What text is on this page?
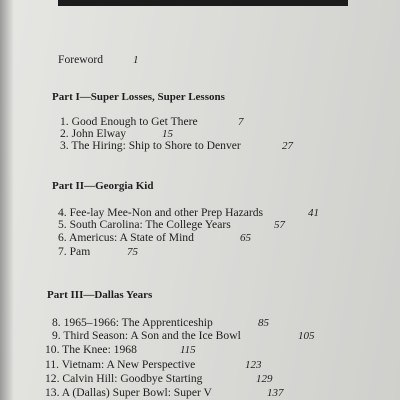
Foreword	1
Part I—Super Losses, Super Lessons
1. Good Enough to Get There	7
2. John Elway	15
3. The Hiring: Ship to Shore to Denver	27
Part II—Georgia Kid
4. Fee-lay Mee-Non and other Prep Hazards	41
5. South Carolina: The College Years	57
6. Americus: A State of Mind	65
7. Pam	75
Part III—Dallas Years
8. 1965–1966: The Apprenticeship	85
9. Third Season: A Son and the Ice Bowl	105
10. The Knee: 1968	115
11. Vietnam: A New Perspective	123
12. Calvin Hill: Goodbye Starting	129
13. A (Dallas) Super Bowl: Super V	137
